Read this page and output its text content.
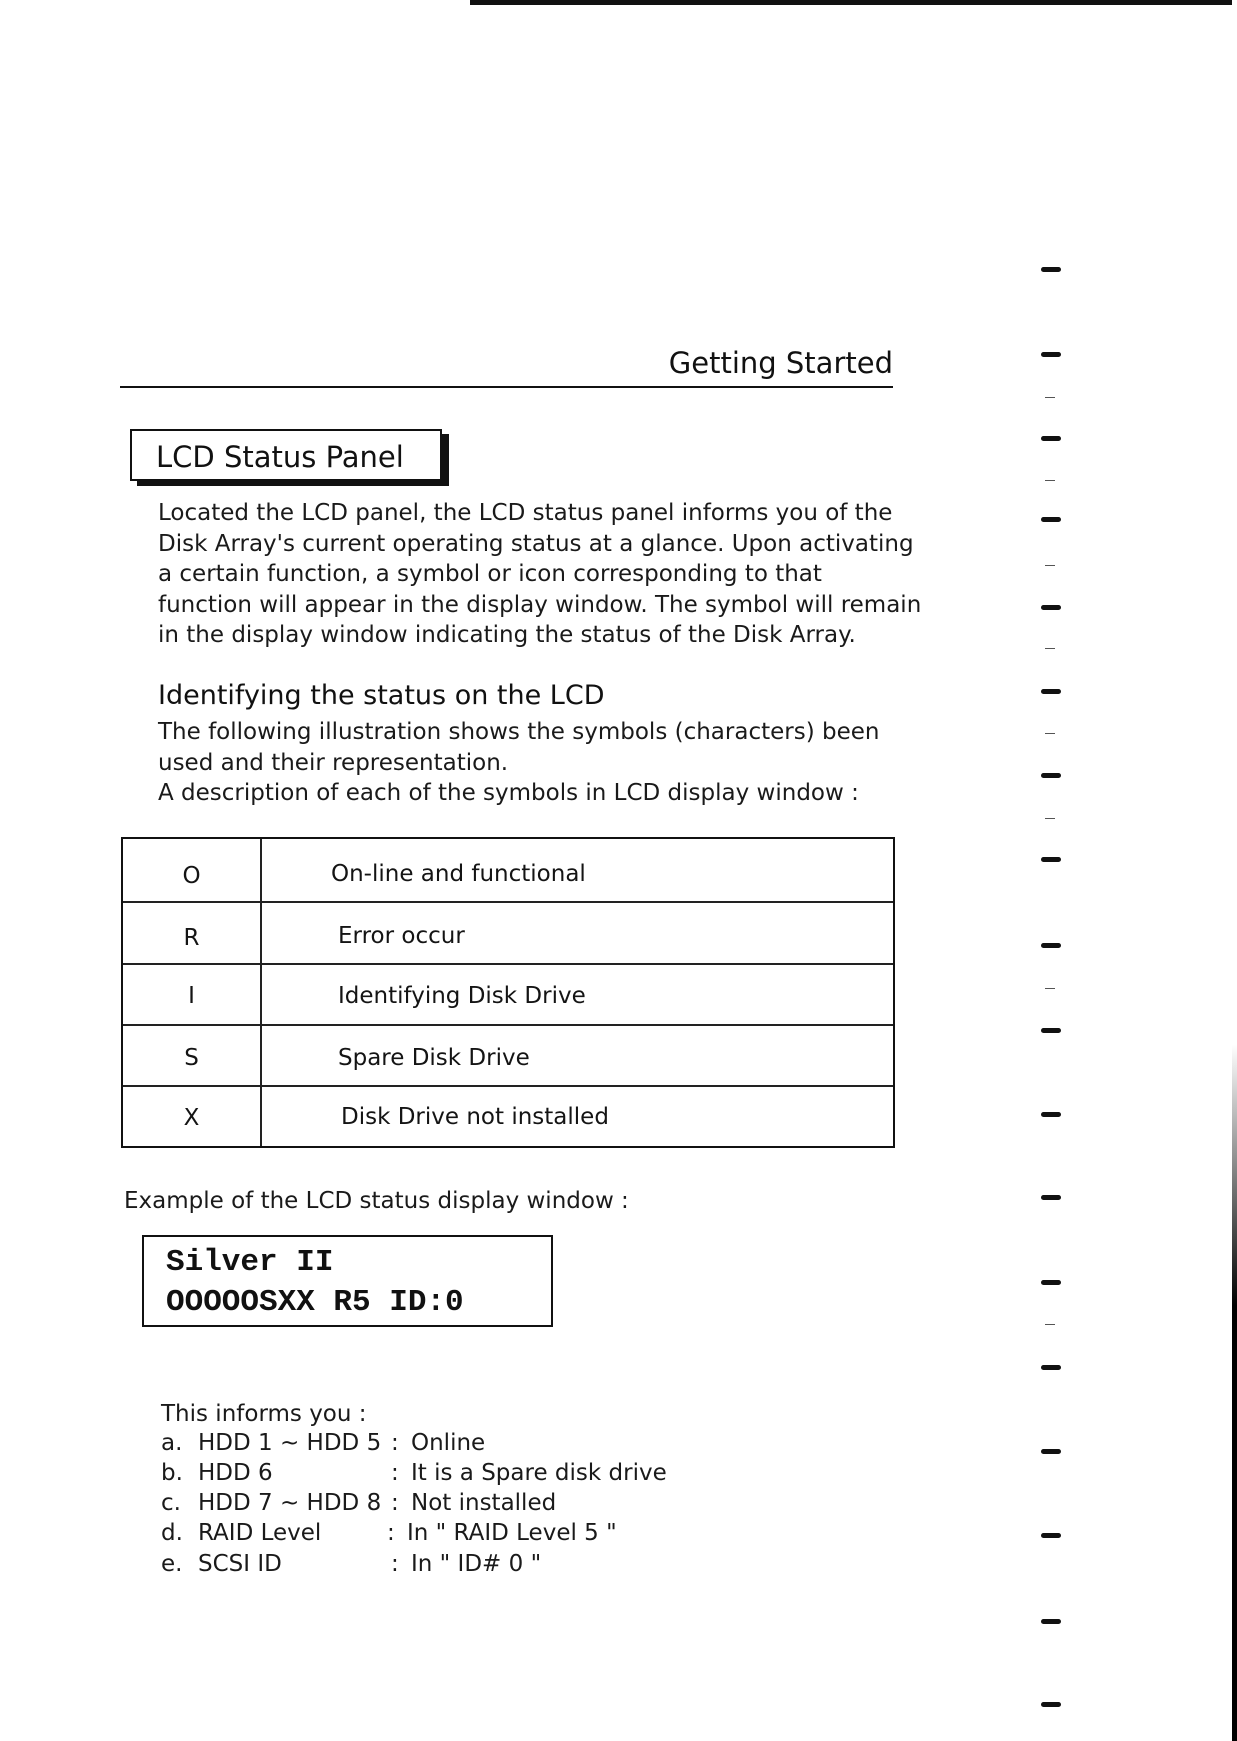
Getting Started
LCD Status Panel

Located the LCD panel, the LCD status panel informs you of the

Disk Array's current operating status at a glance. Upon activating

a certain function, a symbol or icon corresponding to that

function will appear in the display window. The symbol will remain

in the display window indicating the status of the Disk Array.

Identifying the status on the LCD

The following illustration shows the symbols (characters) been

used and their representation.

A description of each of the symbols in LCD display window :

O	On-line and functional
R	Error occur
I	Identifying Disk Drive
S	Spare Disk Drive
X	Disk Drive not installed
Example of the LCD status display window :
Silver II
OOOOOSXX R5 ID:0
This informs you :
a. HDD 1 ~ HDD 5 : Online
b. HDD 6	: It is a Spare disk drive
c. HDD 7 ~ HDD 8 : Not installed
d. RAID Level	: In " RAID Level 5 "
e. SCSI ID	: In " ID# 0 "
